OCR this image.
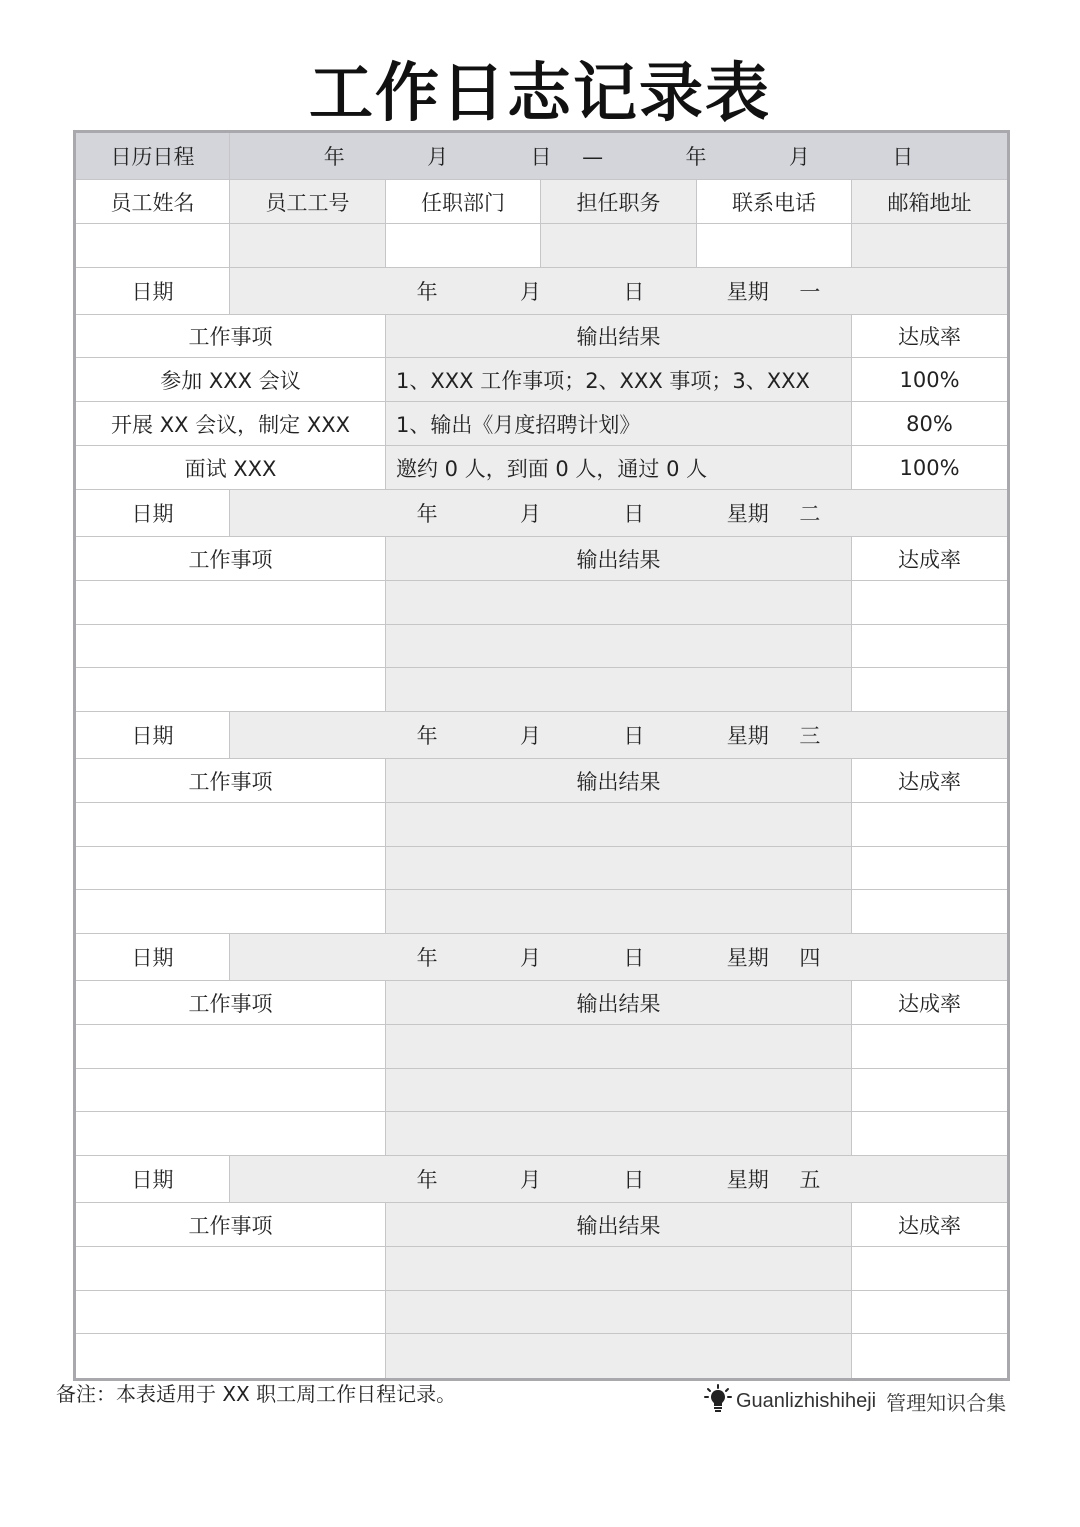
工作日志记录表
日历日程	年 　 月 　 日 — 　 年 　 月 　 日				
员工姓名	员工工号	任职部门	担任职务	联系电话	邮箱地址

日期	年 　 月 　 日 　 星期 一				
工作事项		输出结果			达成率
参加 XXX 会议		1、XXX 工作事项；2、XXX 事项；3、XXX			100%
开展 XX 会议，制定 XXX		1、输出《月度招聘计划》			80%
面试 XXX		邀约 0 人，到面 0 人，通过 0 人			100%
日期	年 　 月 　 日 　 星期 二				
工作事项		输出结果			达成率

日期	年 　 月 　 日 　 星期 三				
工作事项		输出结果			达成率

日期	年 　 月 　 日 　 星期 四				
工作事项		输出结果			达成率

日期	年 　 月 　 日 　 星期 五				
工作事项		输出结果			达成率

备注：本表适用于 XX 职工周工作日程记录。	Guanlizhishiheji 管理知识合集
